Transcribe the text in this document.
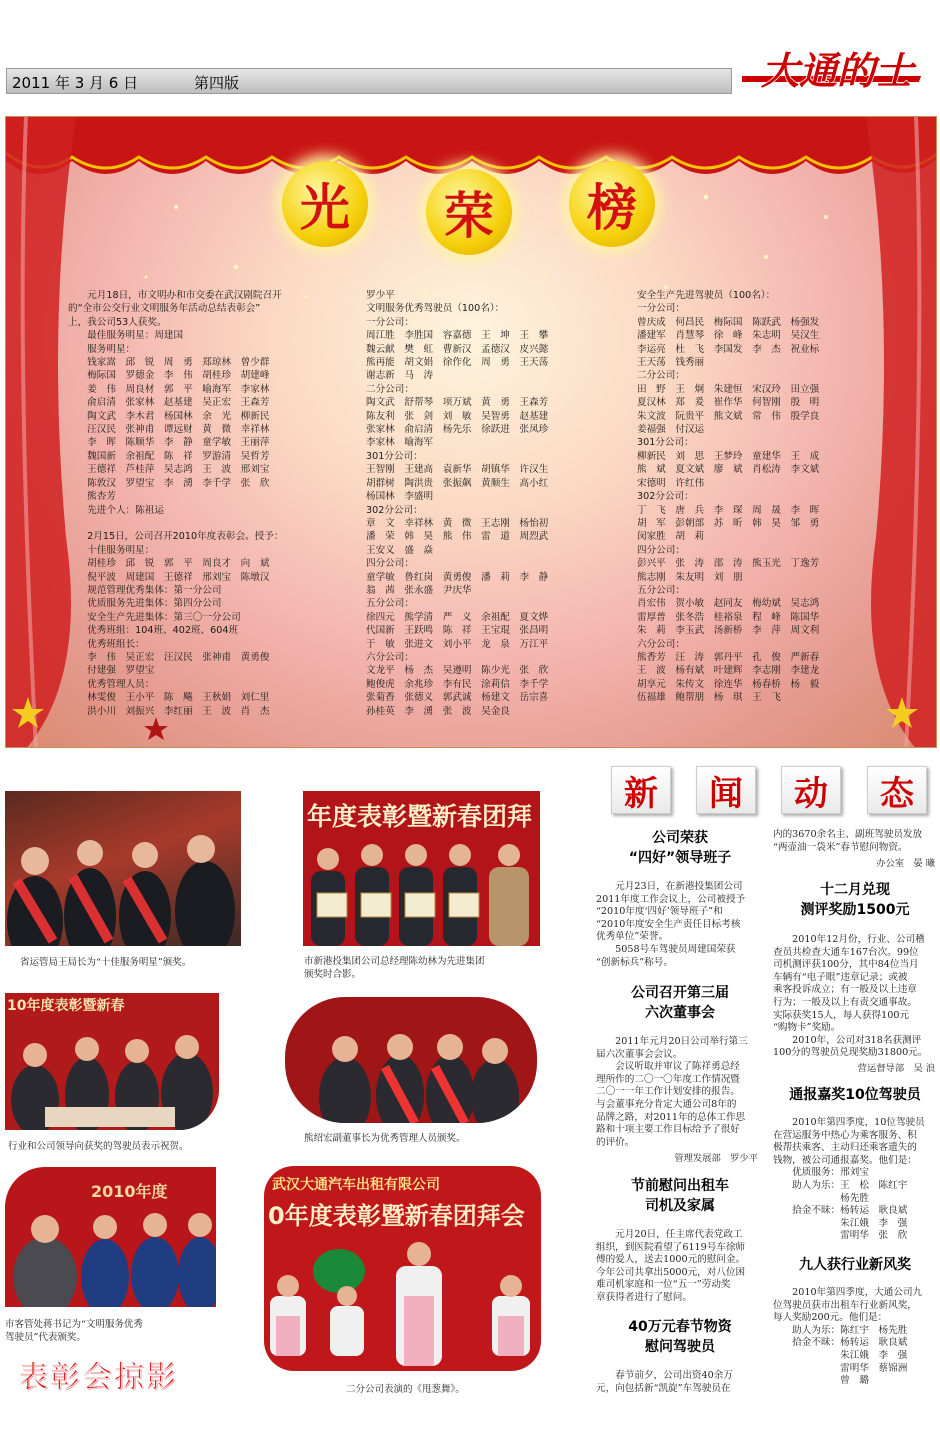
2011 年 3 月 6 日	第四版	大通的士
光	荣	榜
　　元月18日，市文明办和市交委在武汉剧院召开
的“全市公交行业文明服务年活动总结表彰会”
上，我公司53人获奖。
　　最佳服务明星：周建国
　　服务明星：
　　钱家嵩　邱　锐　周　勇　郑琼林　曾少群
　　梅际国　罗德金　李　伟　胡桂珍　胡建峰
　　姜　伟　周良材　郭　平　喻海军　李家林
　　俞启清　张家林　赵基建　吴正宏　王森芳
　　陶文武　李木君　杨国林　余　光　柳新民
　　汪汉民　张神甫　谭远财　黄　微　幸祥林
　　李　晖　陈顺华　李　静　童学敏　王丽萍
　　魏国新　余祖配　陈　祥　罗游清　吴哲芳
　　王德祥　芦桂萍　吴志鸿　王　波　邢刘宝
　　陈敦汉　罗望宝　李　湧　李千学　张　欣
　　熊杏芳
　　先进个人：陈祖运

　　2月15日，公司召开2010年度表彰会。授予：
　　十佳服务明星：
　　胡桂珍　邱　锐　郭　平　周良才　向　斌
　　倪平波　周建国　王德祥　邢刘宝　陈墩汉
　　规范管理优秀集体：第一分公司
　　优质服务先进集体：第四分公司
　　安全生产先进集体：第三〇一分公司
　　优秀班组：104班、402班、604班
　　优秀班组长：
　　李　伟　吴正宏　汪汉民　张神甫　黄勇俊
　　付建强　罗望宝
　　优秀管理人员：
　　林雯俊　王小平　陈　飚　王秋娟　刘仁里
　　洪小川　刘振兴　李红丽　王　波　肖　杰
罗少平
文明服务优秀驾驶员（100名）：
一分公司：
周江胜　李胜国　容嘉德　王　坤　王　攀
魏云献　樊　虹　曹新汉　孟德汉　皮兴懿
熊再能　胡文娟　徐作化　周　勇　王天荡
谢志新　马　涛
二分公司：
陶文武　舒帮琴　项万斌　黄　勇　王森芳
陈友利　张　剑　刘　敏　吴智勇　赵基建
张家林　俞启清　杨先乐　徐跃进　张凤珍
李家林　喻海军
301分公司：
王智刚　王建高　袁新华　胡镇华　许汉生
胡群树　陶洪贵　张振飙　黄顺生　高小红
杨国林　李盛明
302分公司：
章　文　幸祥林　黄　微　王志刚　杨怡初
潘　荣　韩　昊　熊　伟　雷　道　周烈武
王安义　盛　焱
四分公司：
童学敏　鲁红岗　黄勇俊　潘　莉　李　静
翁　茜　张永盛　尹庆华
五分公司：
徐四元　熊学清　严　义　余祖配　夏文烨
代国新　王跃鸣　陈　祥　王宝琨　张昌明
于　敏　张进文　刘小平　龙　泉　万江平
六分公司：
文龙平　杨　杰　吴遵明　陈少光　张　欣
鲍俊虎　余兆珍　李有民　涂莉信　李千学
张菊香　张德义　郭武诚　杨建文　岳宗喜
孙桂英　李　湧　张　波　吴金良
安全生产先进驾驶员（100名）：
一分公司：
曾庆成　何昌民　梅际国　陈跃武　杨强发
潘建军　肖慧琴　徐　峰　朱志明　吴汉生
李运亮　杜　飞　李国发　李　杰　祝业标
王天荡　钱秀丽
二分公司：
田　野　王　炯　朱建恒　宋汉玲　田立强
夏汉林　郑　爰　崔作华　何智刚　殷　明
朱文波　阮贵平　熊文斌　常　伟　殷学良
姜福强　付汉运
301分公司：
柳新民　刘　思　王梦玲　童建华　王　成
熊　斌　夏文斌　廖　斌　肖松涛　李文斌
宋德明　许红伟
302分公司：
丁　飞　唐　兵　李　琛　周　晟　李　晖
胡　军　彭朝部　苏　昕　韩　昊　邹　勇
闵家胜　胡　莉
四分公司：
彭兴平　张　涛　邵　涛　熊玉光　丁逸芳
熊志刚　朱友明　刘　朋
五分公司：
肖宏伟　贺小敏　赵同友　梅幼斌　吴志鸿
雷厚普　张冬浩　桂裕泉　程　峰　陈国华
朱　莉　李玉武　汤新桥　李　萍　周文利
六分公司：
熊香芳　汪　涛　郭丹平　孔　俊　严新春
王　波　杨有斌　叶建辉　李志刚　李建龙
胡享元　朱传文　徐连华　杨春桥　杨　毅
伍福雄　鲍帮朋　杨　琪　王　飞
省运管局王局长为“十佳服务明星”颁奖。
年度表彰暨新春团拜
市新港投集团公司总经理陈幼林为先进集团
颁奖时合影。
10年度表彰暨新春
行业和公司领导向获奖的驾驶员表示祝贺。
熊绍宏副董事长为优秀管理人员颁奖。
2010年度
市客管处蒋书记为“文明服务优秀
驾驶员”代表颁奖。
武汉大通汽车出租有限公司
0年度表彰暨新春团拜会
二分公司表演的《甩葱舞》。
表彰会掠影
新	闻	动	态
公司荣获
“四好”领导班子
　　元月23日，在新港投集团公司
2011年度工作会议上，公司被授予
“2010年度‘四好’领导班子”和
“2010年度安全生产责任目标考核
优秀单位”荣誉。
　　5058号车驾驶员周建国荣获
“创新标兵”称号。
公司召开第三届
六次董事会
　　2011年元月20日公司举行第三
届六次董事会会议。
　　会议听取并审议了陈祥勇总经
理所作的二〇一〇年度工作情况暨
二〇一一年工作计划安排的报告。
与会董事充分肯定大通公司8年的
品牌之路，对2011年的总体工作思
路和十项主要工作目标给予了很好
的评价。
管理发展部　罗少平
节前慰问出租车
司机及家属
　　元月20日，任主席代表党政工
组织，到医院看望了6119号车徐师
傅的爱人，送去1000元的慰问金。
今年公司共拿出5000元，对八位困
难司机家庭和一位“五一”劳动奖
章获得者进行了慰问。
40万元春节物资
慰问驾驶员
　　春节前夕，公司出资40余万
元，向包括新“凯旋”车驾驶员在
内的3670余名主、副班驾驶员发放
“两壶油一袋米”春节慰问物资。
办公室　晏 曦
十二月兑现
测评奖励1500元
　　2010年12月份，行业、公司稽
查员共检查大通车167台次。99位
司机测评获100分，其中84位当月
车辆有“电子眼”违章记录；或被
乘客投诉成立；有一般及以上违章
行为；一般及以上有责交通事故。
实际获奖15人，每人获得100元
“购物卡”奖励。
　　2010年，公司对318名获测评
100分的驾驶员兑现奖励31800元。
营运督导部　吴 浪
通报嘉奖10位驾驶员
　　2010年第四季度，10位驾驶员
在营运服务中热心为乘客服务、积
极帮扶乘客、主动归还乘客遗失的
钱物，被公司通报嘉奖。他们是：
　　优质服务：邢刘宝
　　助人为乐：王　松　陈红宇
　　　　　　　杨先胜
　　拾金不昧：杨转运　耿良斌
　　　　　　　朱江娥　李　强
　　　　　　　雷明华　张　欣
九人获行业新风奖
　　2010年第四季度，大通公司九
位驾驶员获市出租车行业新风奖，
每人奖励200元。他们是：
　　助人为乐：陈红宇　杨先胜
　　拾金不昧：杨转运　耿良斌
　　　　　　　朱江娥　李　强
　　　　　　　雷明华　蔡锦洲
　　　　　　　曾　璐
